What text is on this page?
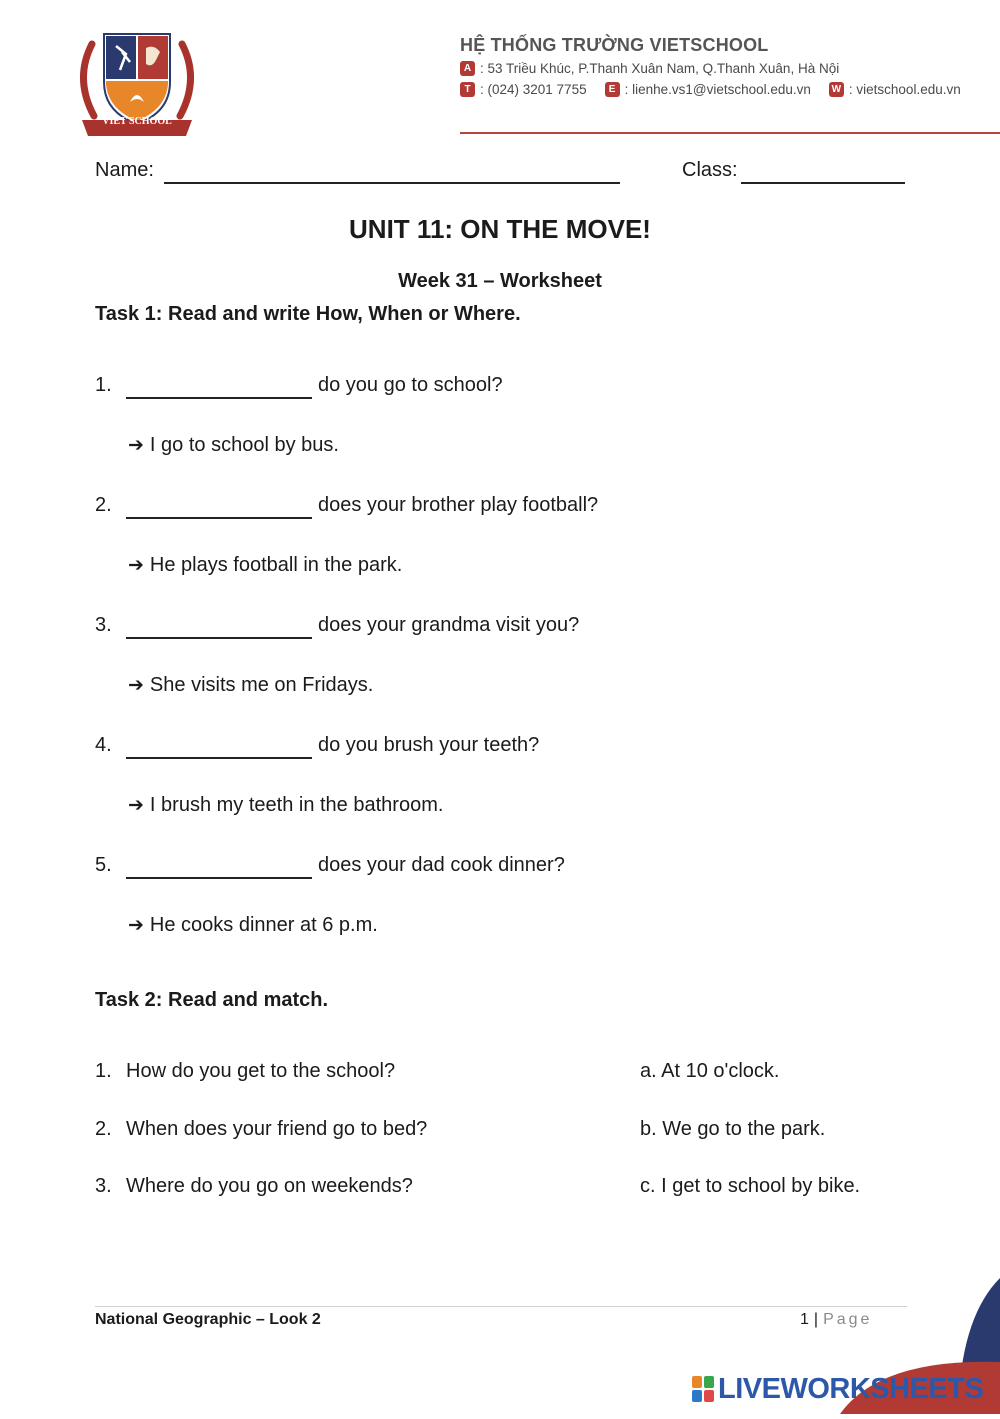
VIET SCHOOL
HỆ THỐNG TRƯỜNG VIETSCHOOL
A : 53 Triều Khúc, P.Thanh Xuân Nam, Q.Thanh Xuân, Hà Nội
T : (024) 3201 7755	E : lienhe.vs1@vietschool.edu.vn W : vietschool.edu.vn
Name:	Class:
UNIT 11: ON THE MOVE!
Week 31 – Worksheet
Task 1: Read and write How, When or Where.
1.	do you go to school?
➔ I go to school by bus.
2.	does your brother play football?
➔ He plays football in the park.
3.	does your grandma visit you?
➔ She visits me on Fridays.
4.	do you brush your teeth?
➔ I brush my teeth in the bathroom.
5.	does your dad cook dinner?
➔ He cooks dinner at 6 p.m.
Task 2: Read and match.
1. How do you get to the school?	a. At 10 o'clock.
2. When does your friend go to bed?	b. We go to the park.
3. Where do you go on weekends?	c. I get to school by bike.
National Geographic – Look 2	1 | Page
LIVEWORKSHEETS
